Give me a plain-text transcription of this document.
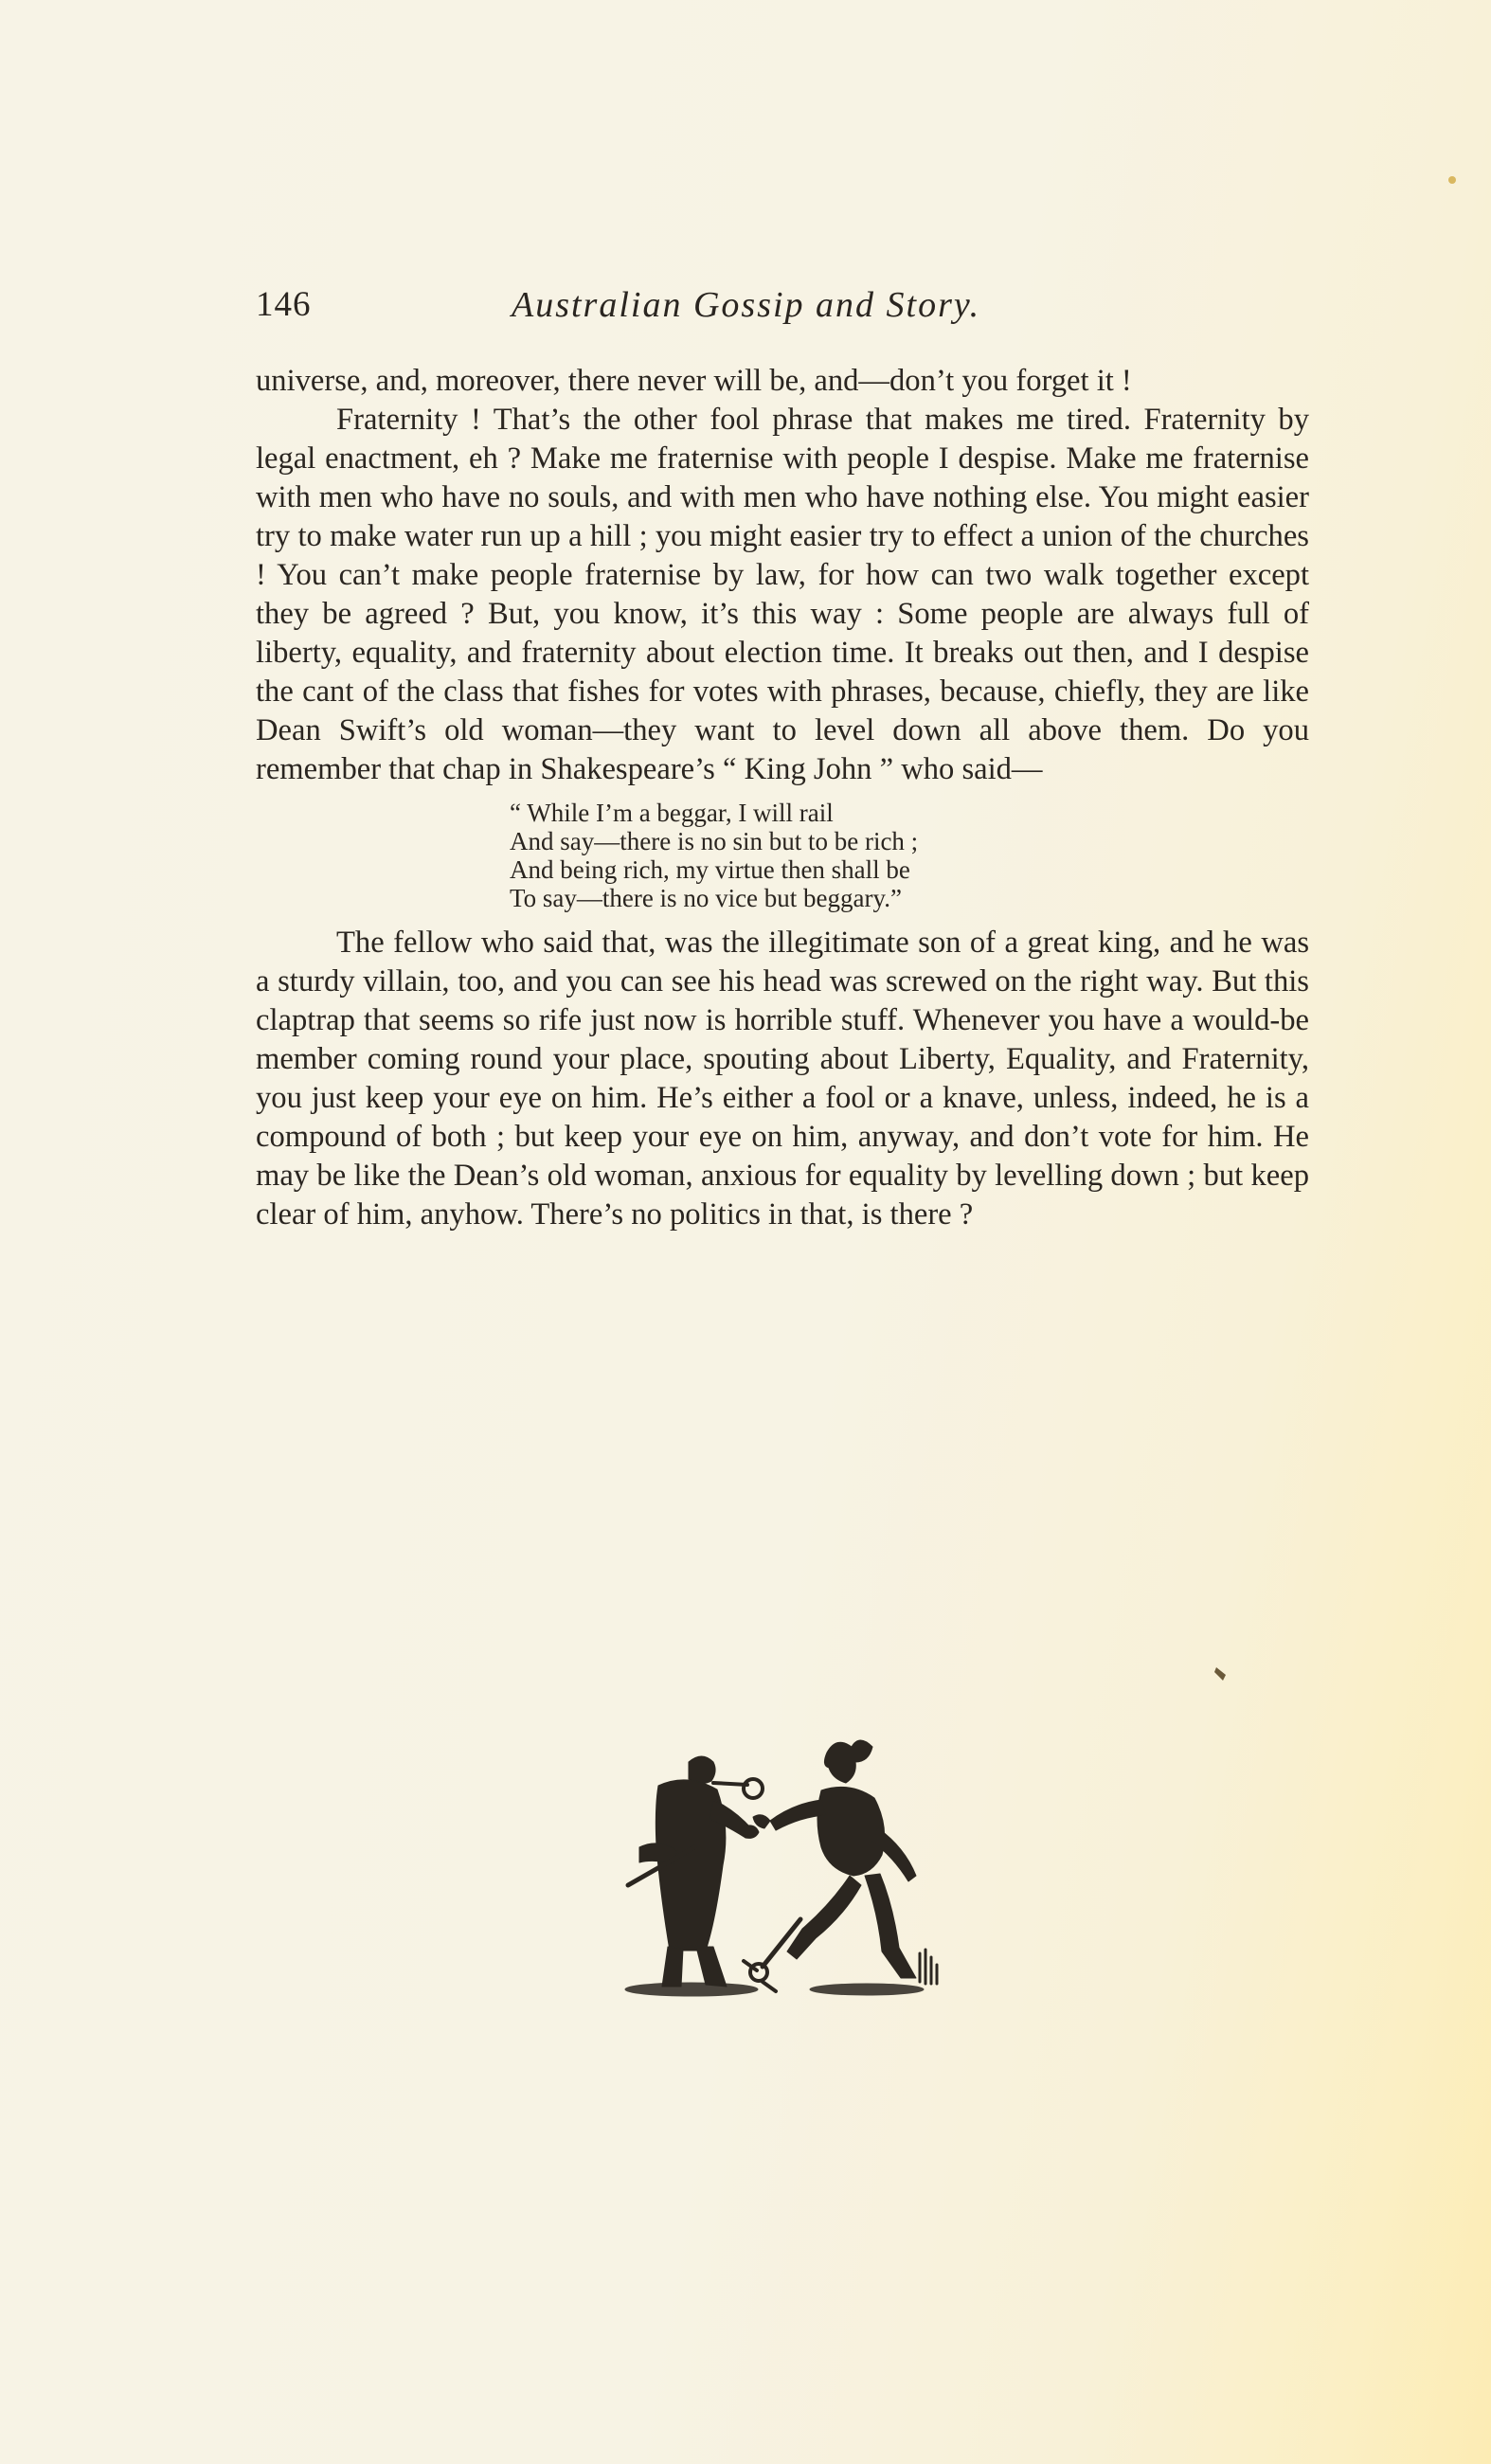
146	Australian Gossip and Story.

universe, and, moreover, there never will be, and—don’t you forget it !

Fraternity ! That’s the other fool phrase that makes me tired. Fraternity by legal enactment, eh ? Make me fraternise with people I despise. Make me fraternise with men who have no souls, and with men who have nothing else. You might easier try to make water run up a hill ; you might easier try to effect a union of the churches ! You can’t make people fraternise by law, for how can two walk together except they be agreed ? But, you know, it’s this way : Some people are always full of liberty, equality, and fraternity about election time. It breaks out then, and I despise the cant of the class that fishes for votes with phrases, because, chiefly, they are like Dean Swift’s old woman—they want to level down all above them. Do you remember that chap in Shakespeare’s “ King John ” who said—

“ While I’m a beggar, I will rail
And say—there is no sin but to be rich ;
And being rich, my virtue then shall be
To say—there is no vice but beggary.”

The fellow who said that, was the illegitimate son of a great king, and he was a sturdy villain, too, and you can see his head was screwed on the right way. But this claptrap that seems so rife just now is horrible stuff. Whenever you have a would-be member coming round your place, spouting about Liberty, Equality, and Fraternity, you just keep your eye on him. He’s either a fool or a knave, unless, indeed, he is a compound of both ; but keep your eye on him, anyway, and don’t vote for him. He may be like the Dean’s old woman, anxious for equality by levelling down ; but keep clear of him, anyhow. There’s no politics in that, is there ?
